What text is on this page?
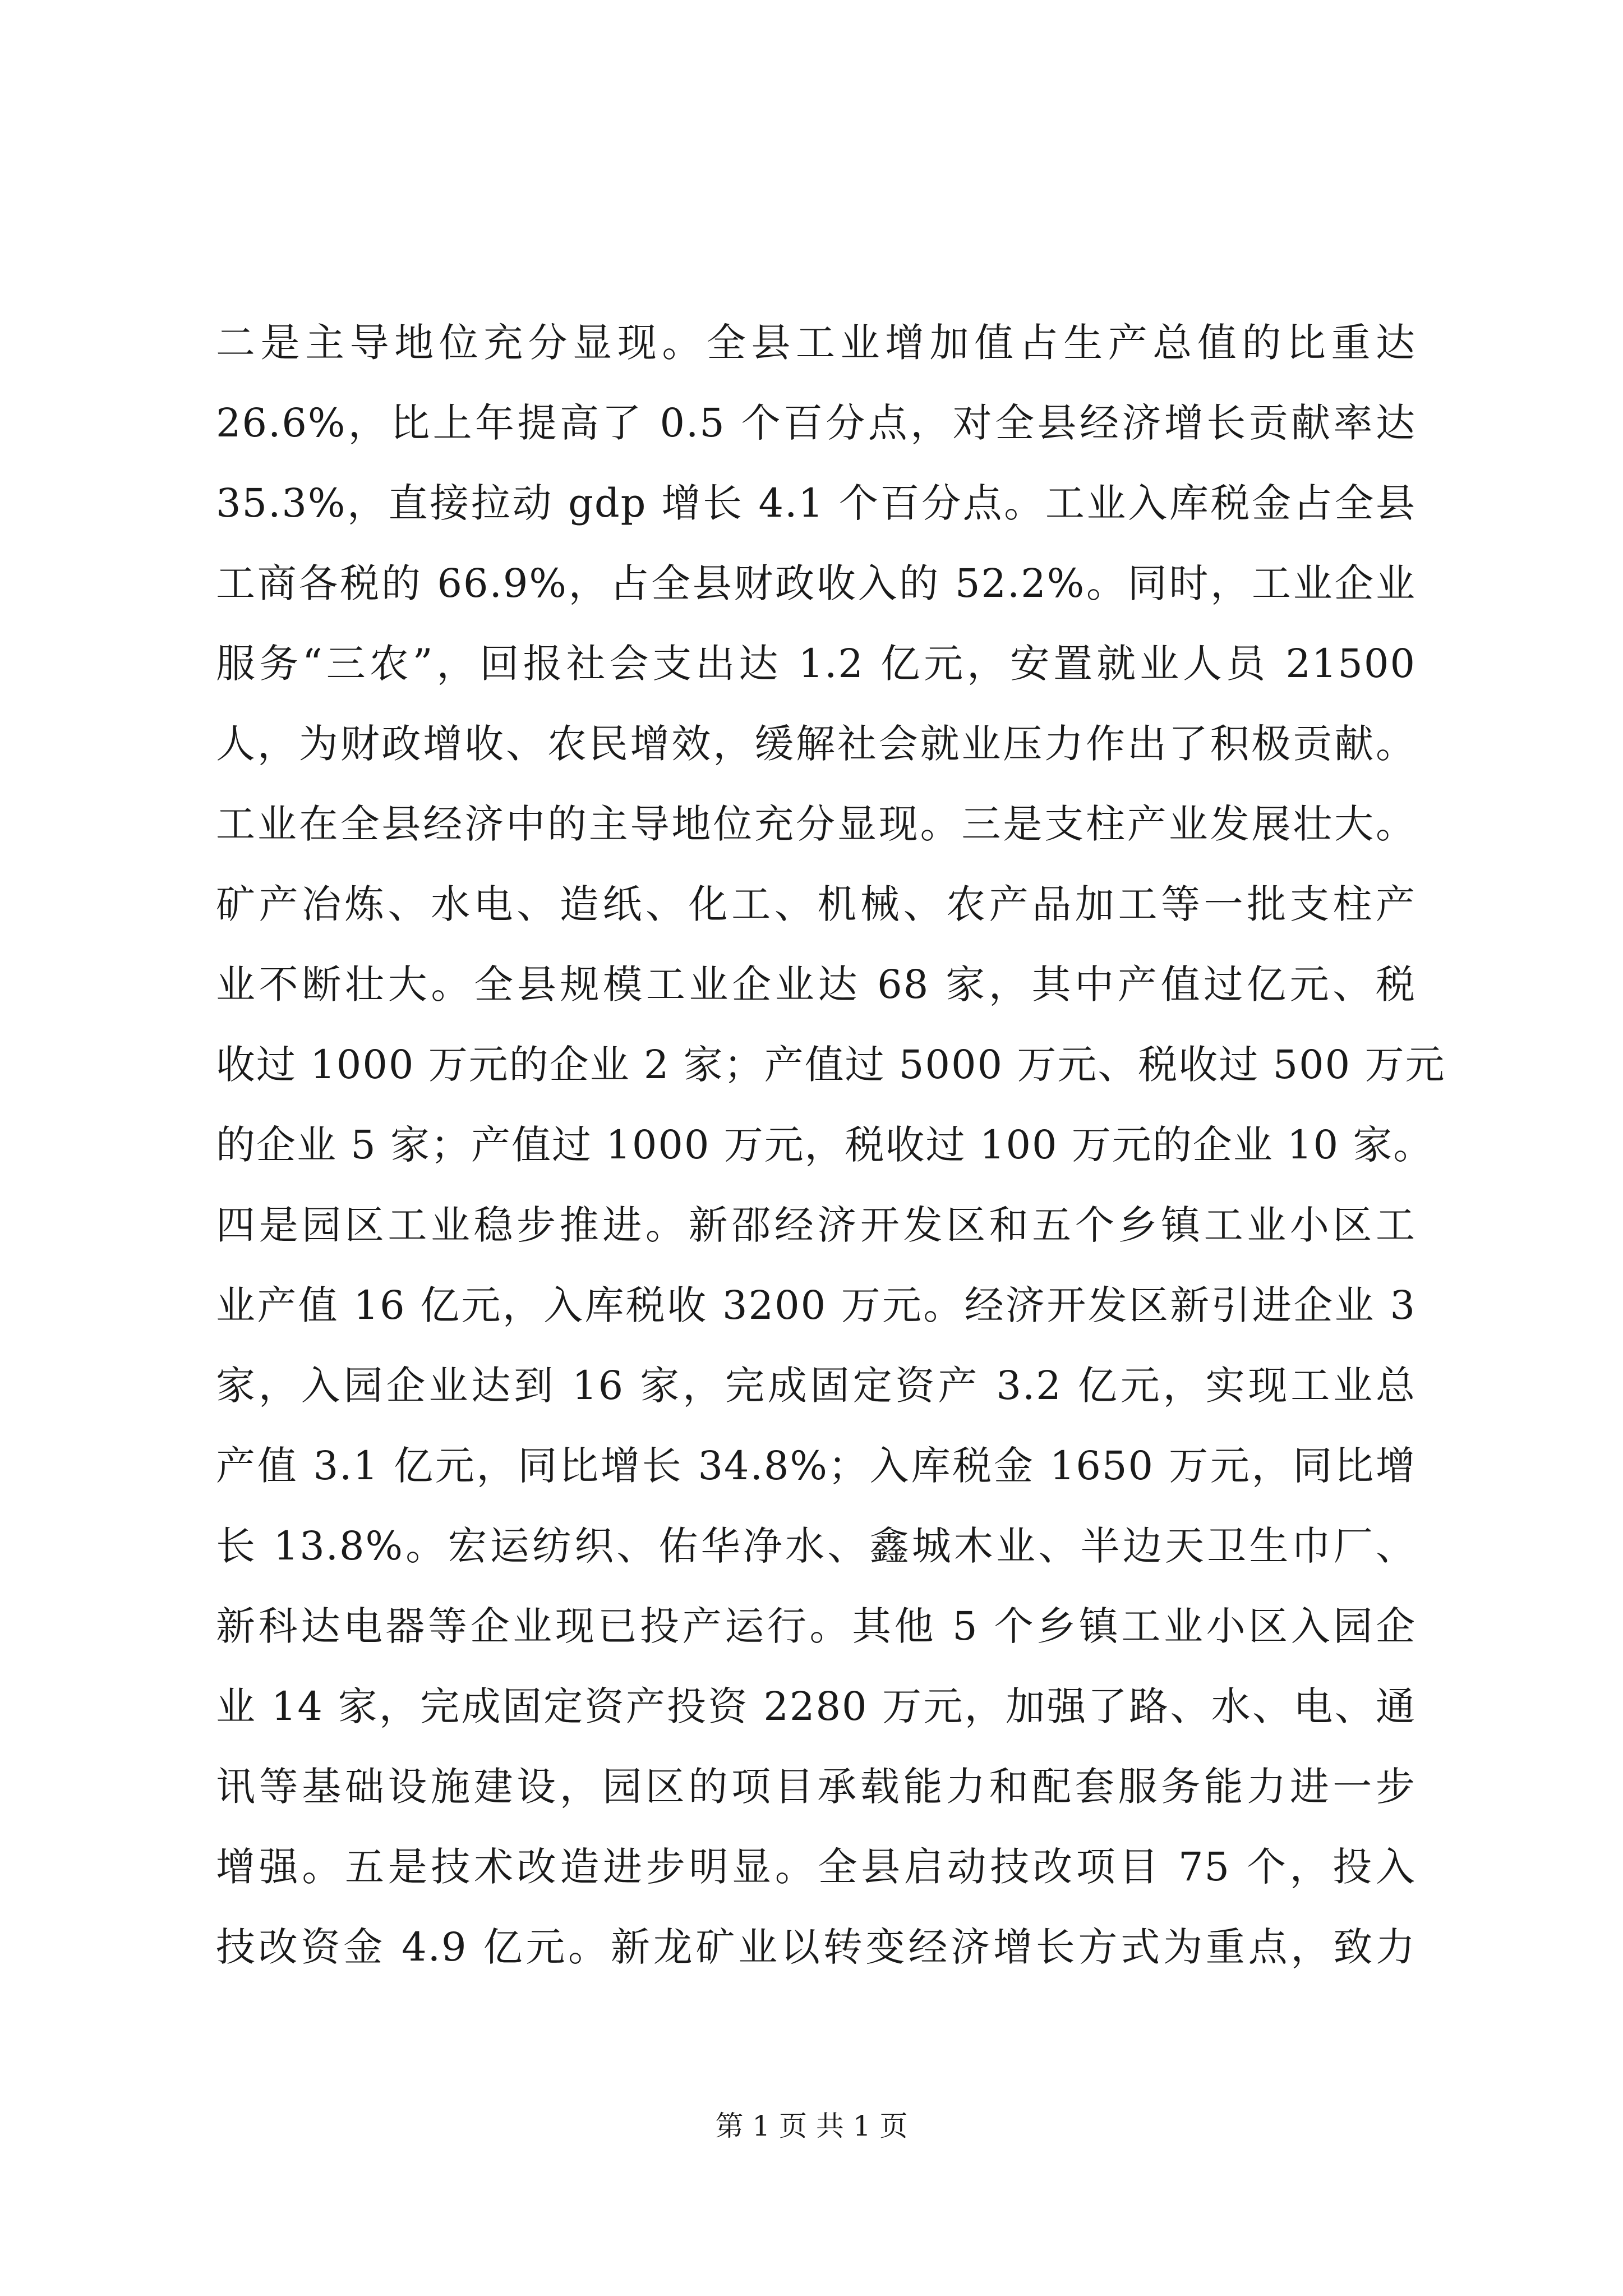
二是主导地位充分显现。全县工业增加值占生产总值的比重达
26.6%，比上年提高了 0.5 个百分点，对全县经济增长贡献率达
35.3%，直接拉动 gdp 增长 4.1 个百分点。工业入库税金占全县
工商各税的 66.9%，占全县财政收入的 52.2%。同时，工业企业
服务“三农”，回报社会支出达 1.2 亿元，安置就业人员 21500
人，为财政增收、农民增效，缓解社会就业压力作出了积极贡献。
工业在全县经济中的主导地位充分显现。三是支柱产业发展壮大。
矿产冶炼、水电、造纸、化工、机械、农产品加工等一批支柱产
业不断壮大。全县规模工业企业达 68 家，其中产值过亿元、税
收过 1000 万元的企业 2 家；产值过 5000 万元、税收过 500 万元
的企业 5 家；产值过 1000 万元，税收过 100 万元的企业 10 家。
四是园区工业稳步推进。新邵经济开发区和五个乡镇工业小区工
业产值 16 亿元，入库税收 3200 万元。经济开发区新引进企业 3
家，入园企业达到 16 家，完成固定资产 3.2 亿元，实现工业总
产值 3.1 亿元，同比增长 34.8%；入库税金 1650 万元，同比增
长 13.8%。宏运纺织、佑华净水、鑫城木业、半边天卫生巾厂、
新科达电器等企业现已投产运行。其他 5 个乡镇工业小区入园企
业 14 家，完成固定资产投资 2280 万元，加强了路、水、电、通
讯等基础设施建设，园区的项目承载能力和配套服务能力进一步
增强。五是技术改造进步明显。全县启动技改项目 75 个，投入
技改资金 4.9 亿元。新龙矿业以转变经济增长方式为重点，致力
第 1 页 共 1 页
